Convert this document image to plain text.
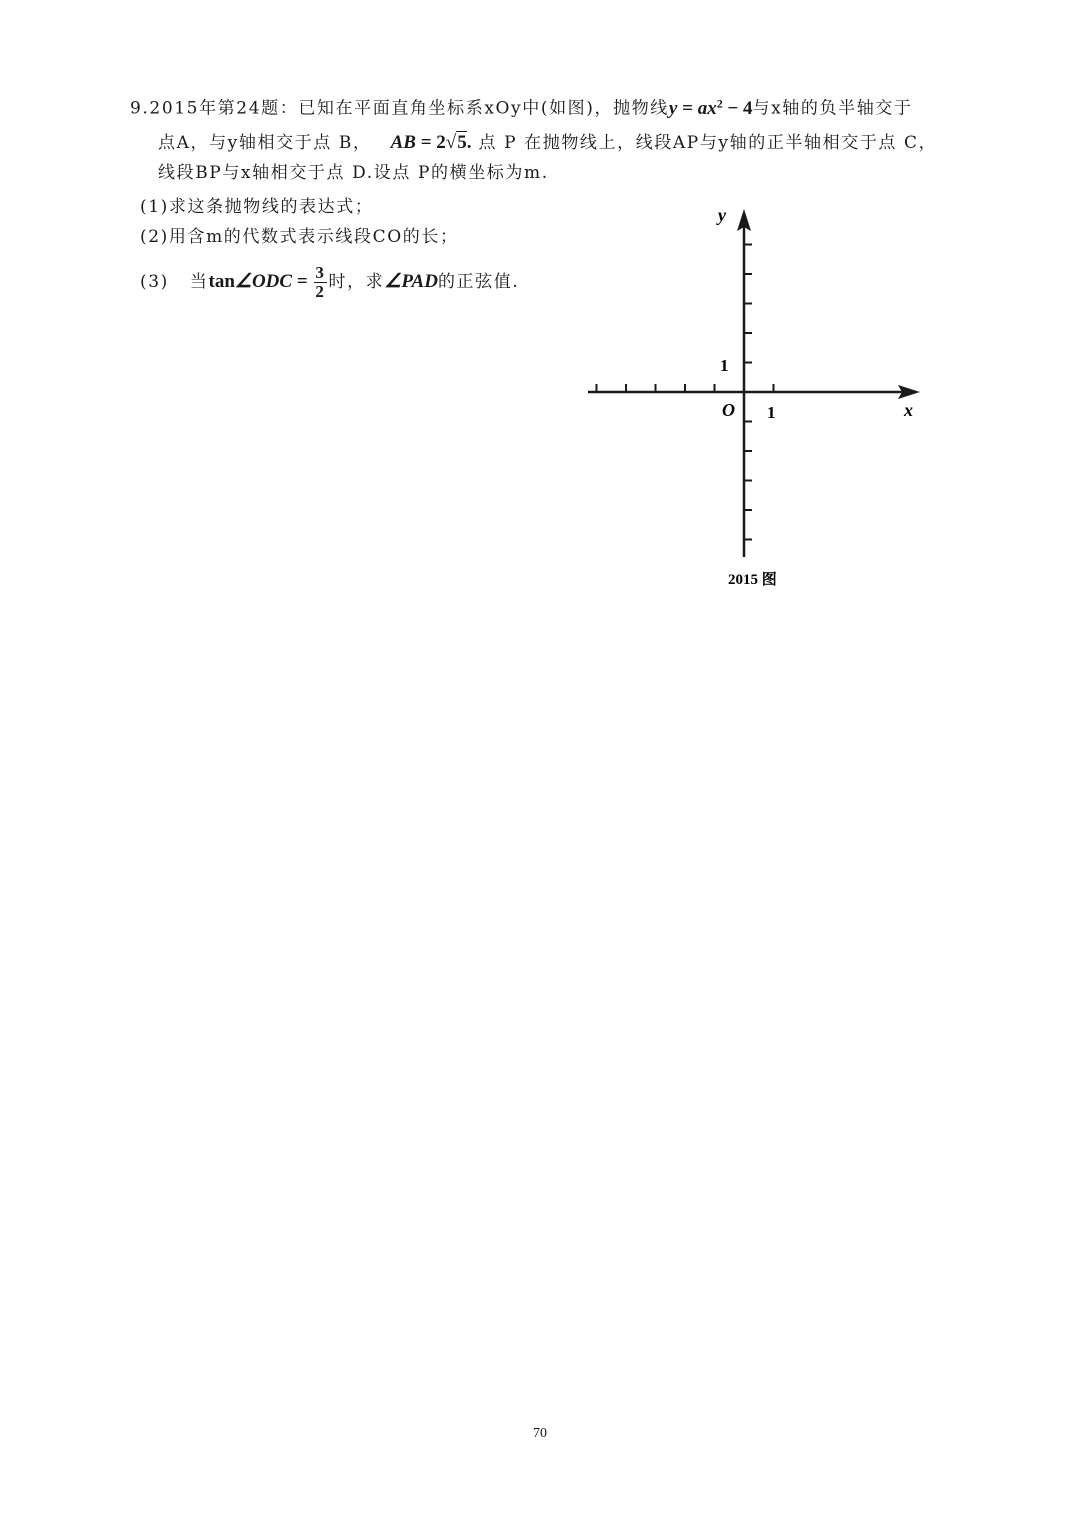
9.2015年第24题：已知在平面直角坐标系xOy中(如图)，抛物线$y = ax^2 - 4$与x轴的负半轴交于
点A，与y轴相交于点 B， AB = 2√5. 点 P 在抛物线上，线段AP与y轴的正半轴相交于点 C，
线段BP与x轴相交于点 D.设点 P的横坐标为m.
(1)求这条抛物线的表达式；
(2)用含m的代数式表示线段CO的长；
(3) 当tan∠ODC = $\frac{3}{2}$ 时，求∠PAD的正弦值.
y
x
O 1
1
2015 图
70
